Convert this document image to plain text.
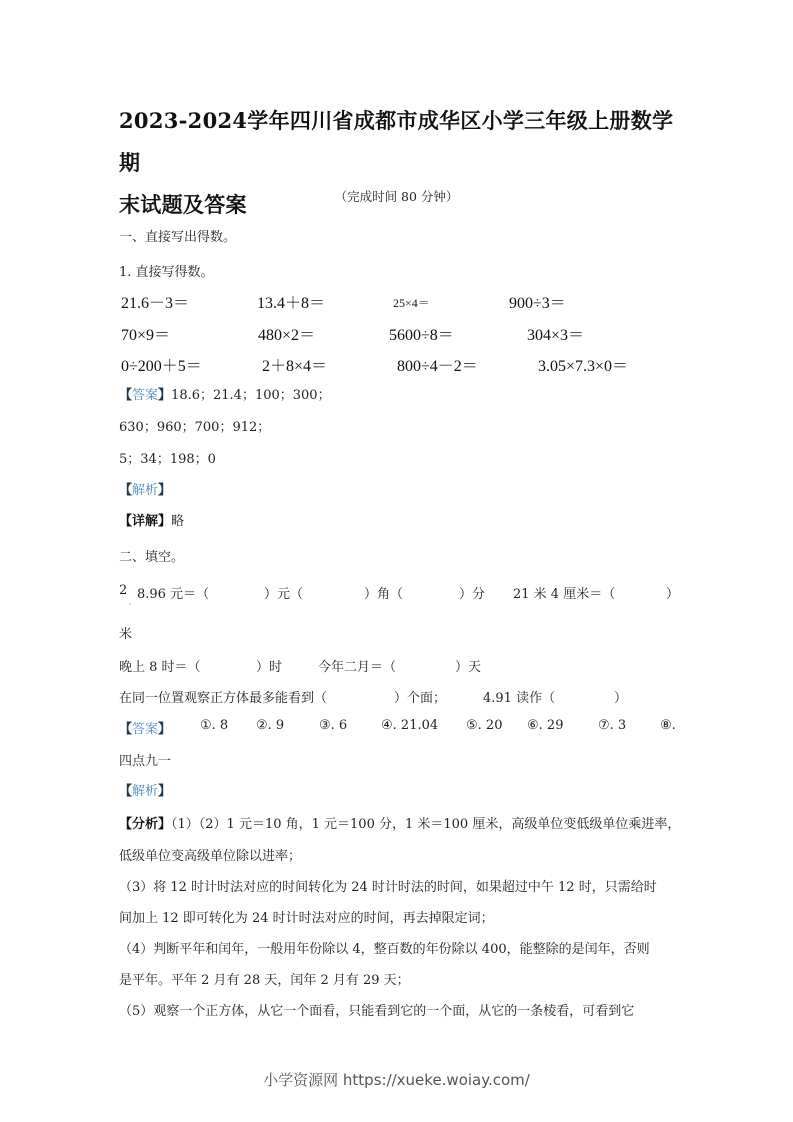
2023-2024学年四川省成都市成华区小学三年级上册数学期
末试题及答案	（完成时间 80 分钟）
一、直接写出得数。
1. 直接写得数。
21.6－3＝	13.4＋8＝	25×4＝	900÷3＝
70×9＝	480×2＝	5600÷8＝	304×3＝
0÷200＋5＝	2＋8×4＝	800÷4－2＝	3.05×7.3×0＝
【答案】18.6；21.4；100；300；
630；960；700；912；
5；34；198；0
【解析】
【详解】略
二、填空。
2
·
8.96 元＝（	）元（	）角（	）分 21 米 4 厘米＝（	）
米
晚上 8 时＝（	）时	今年二月＝（	）天
在同一位置观察正方体最多能看到（	）个面；	4.91 读作（	）
【答案】 ①. 8 ②. 9	③. 6	④. 21.04 ⑤. 20 ⑥. 29	⑦. 3	⑧.
四点九一
【解析】
【分析】（1）（2）1 元＝10 角，1 元＝100 分，1 米＝100 厘米，高级单位变低级单位乘进率，
低级单位变高级单位除以进率；
（3）将 12 时计时法对应的时间转化为 24 时计时法的时间，如果超过中午 12 时，只需给时
间加上 12 即可转化为 24 时计时法对应的时间，再去掉限定词；
（4）判断平年和闰年，一般用年份除以 4，整百数的年份除以 400，能整除的是闰年，否则
是平年。平年 2 月有 28 天，闰年 2 月有 29 天；
（5）观察一个正方体，从它一个面看，只能看到它的一个面，从它的一条棱看，可看到它
小学资源网 https://xueke.woiay.com/
